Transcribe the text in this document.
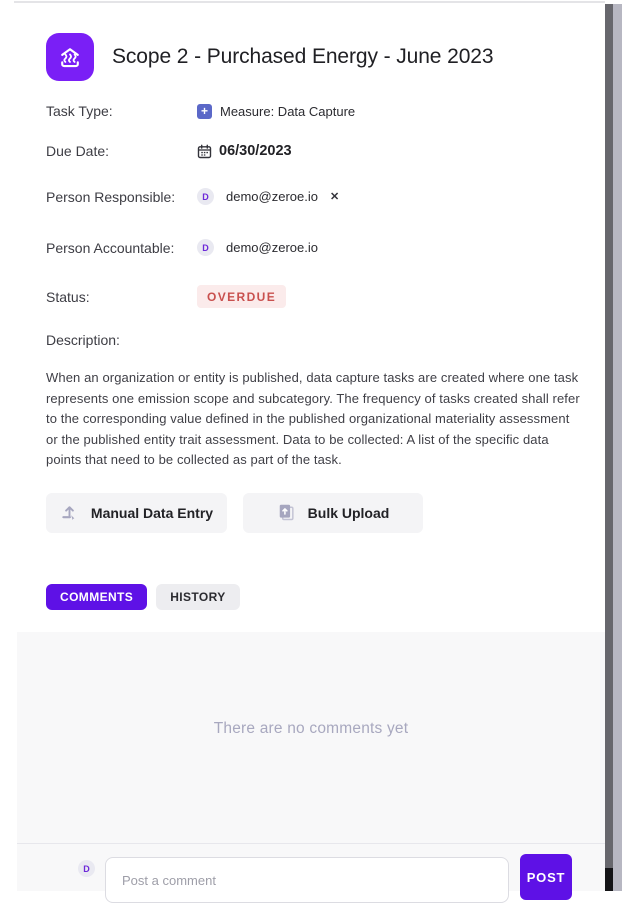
Scope 2 - Purchased Energy - June 2023
Task Type:	+ Measure: Data Capture
Due Date:	06/30/2023
Person Responsible:	D	demo@zeroe.io ✕
Person Accountable:	D	demo@zeroe.io
Status:	OVERDUE
Description:

When an organization or entity is published, data capture tasks are created where one task represents one emission scope and subcategory. The frequency of tasks created shall refer to the corresponding value defined in the published organizational materiality assessment or the published entity trait assessment. Data to be collected: A list of the specific data points that need to be collected as part of the task.

Manual Data Entry	Bulk Upload
COMMENTS	HISTORY
There are no comments yet
D
Post a comment
POST
